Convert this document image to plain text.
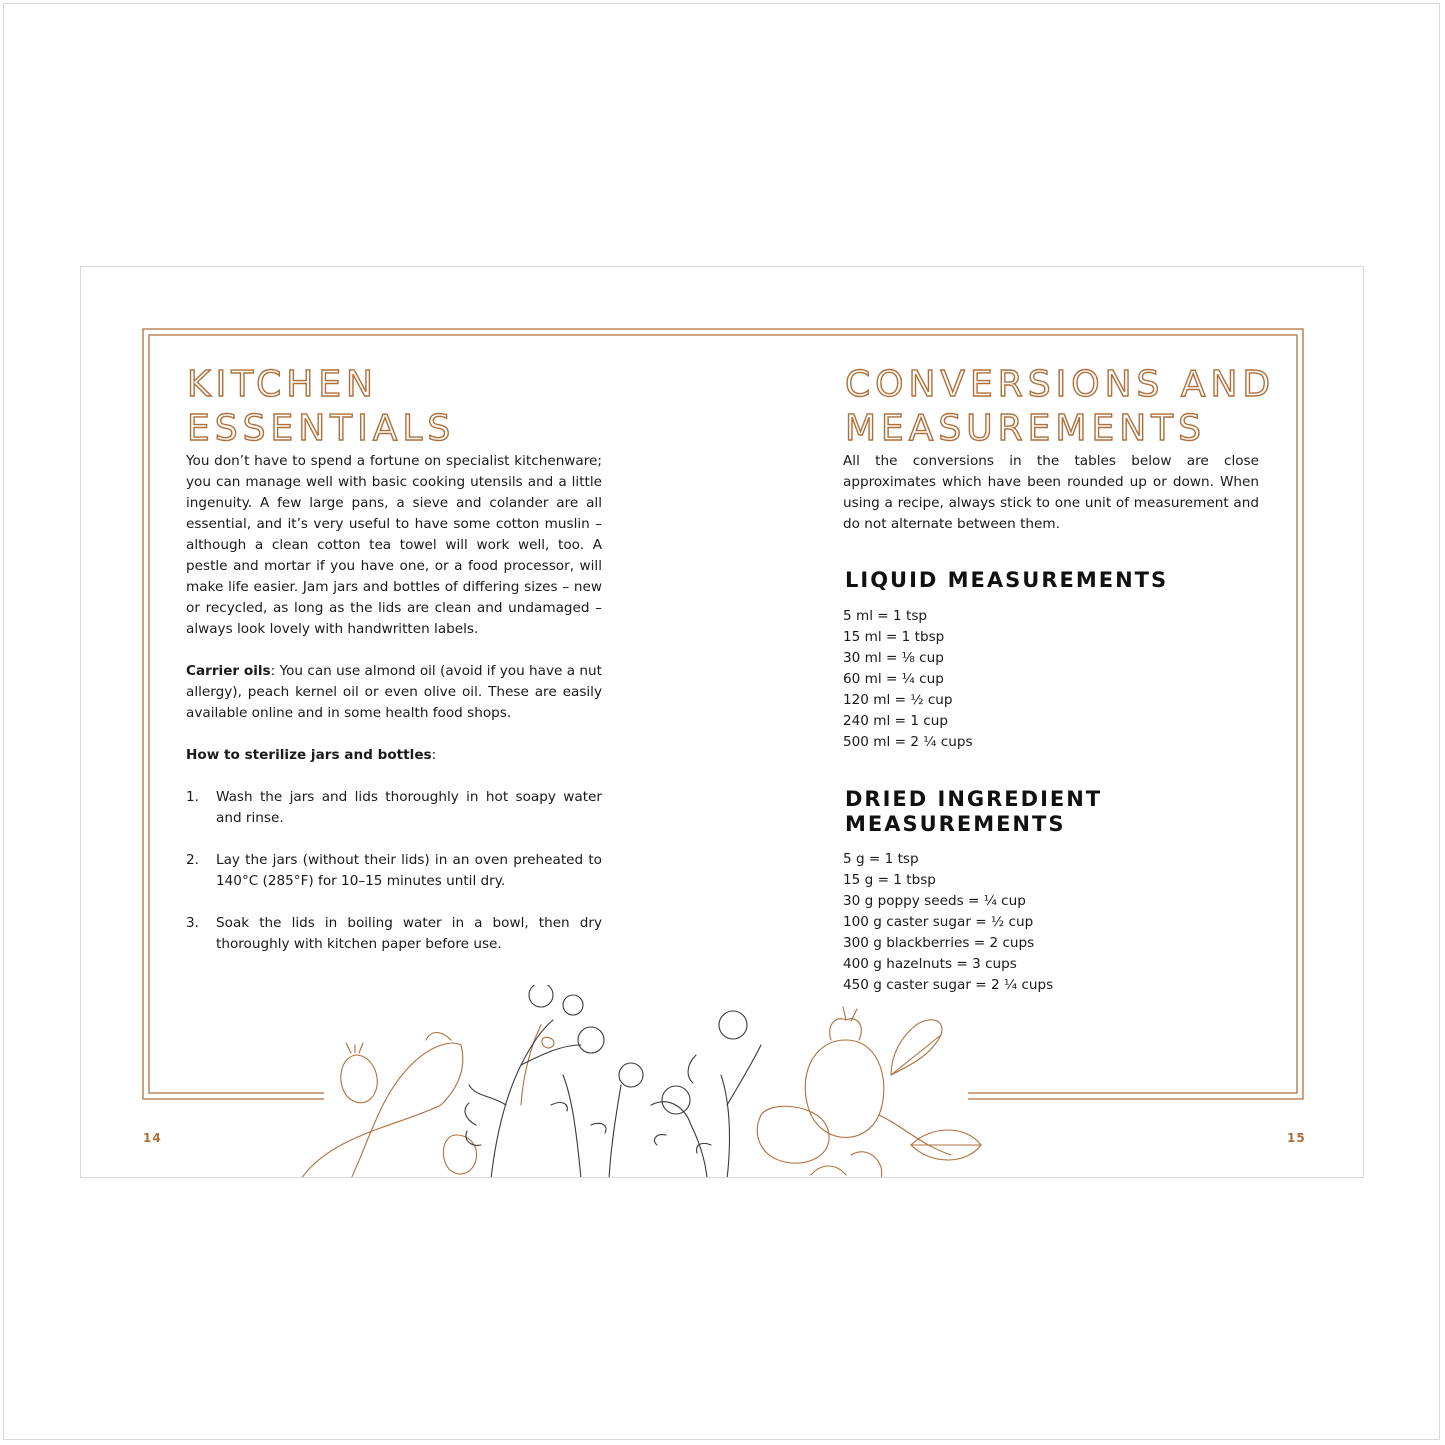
KITCHEN
ESSENTIALS

You don’t have to spend a fortune on specialist kitchenware; you can manage well with basic cooking utensils and a little ingenuity. A few large pans, a sieve and colander are all essential, and it’s very useful to have some cotton muslin – although a clean cotton tea towel will work well, too. A pestle and mortar if you have one, or a food processor, will make life easier. Jam jars and bottles of differing sizes – new or recycled, as long as the lids are clean and undamaged – always look lovely with handwritten labels.

Carrier oils: You can use almond oil (avoid if you have a nut allergy), peach kernel oil or even olive oil. These are easily available online and in some health food shops.

How to sterilize jars and bottles:

1. Wash the jars and lids thoroughly in hot soapy water and rinse.
2. Lay the jars (without their lids) in an oven preheated to 140°C (285°F) for 10–15 minutes until dry.
3. Soak the lids in boiling water in a bowl, then dry thoroughly with kitchen paper before use.
14
CONVERSIONS AND
MEASUREMENTS

All the conversions in the tables below are close approximates which have been rounded up or down. When using a recipe, always stick to one unit of measurement and do not alternate between them.

LIQUID MEASUREMENTS
5 ml = 1 tsp
15 ml = 1 tbsp
30 ml = ⅛ cup
60 ml = ¼ cup
120 ml = ½ cup
240 ml = 1 cup
500 ml = 2 ¼ cups
DRIED INGREDIENT
MEASUREMENTS
5 g = 1 tsp
15 g = 1 tbsp
30 g poppy seeds = ¼ cup
100 g caster sugar = ½ cup
300 g blackberries = 2 cups
400 g hazelnuts = 3 cups
450 g caster sugar = 2 ¼ cups
15
